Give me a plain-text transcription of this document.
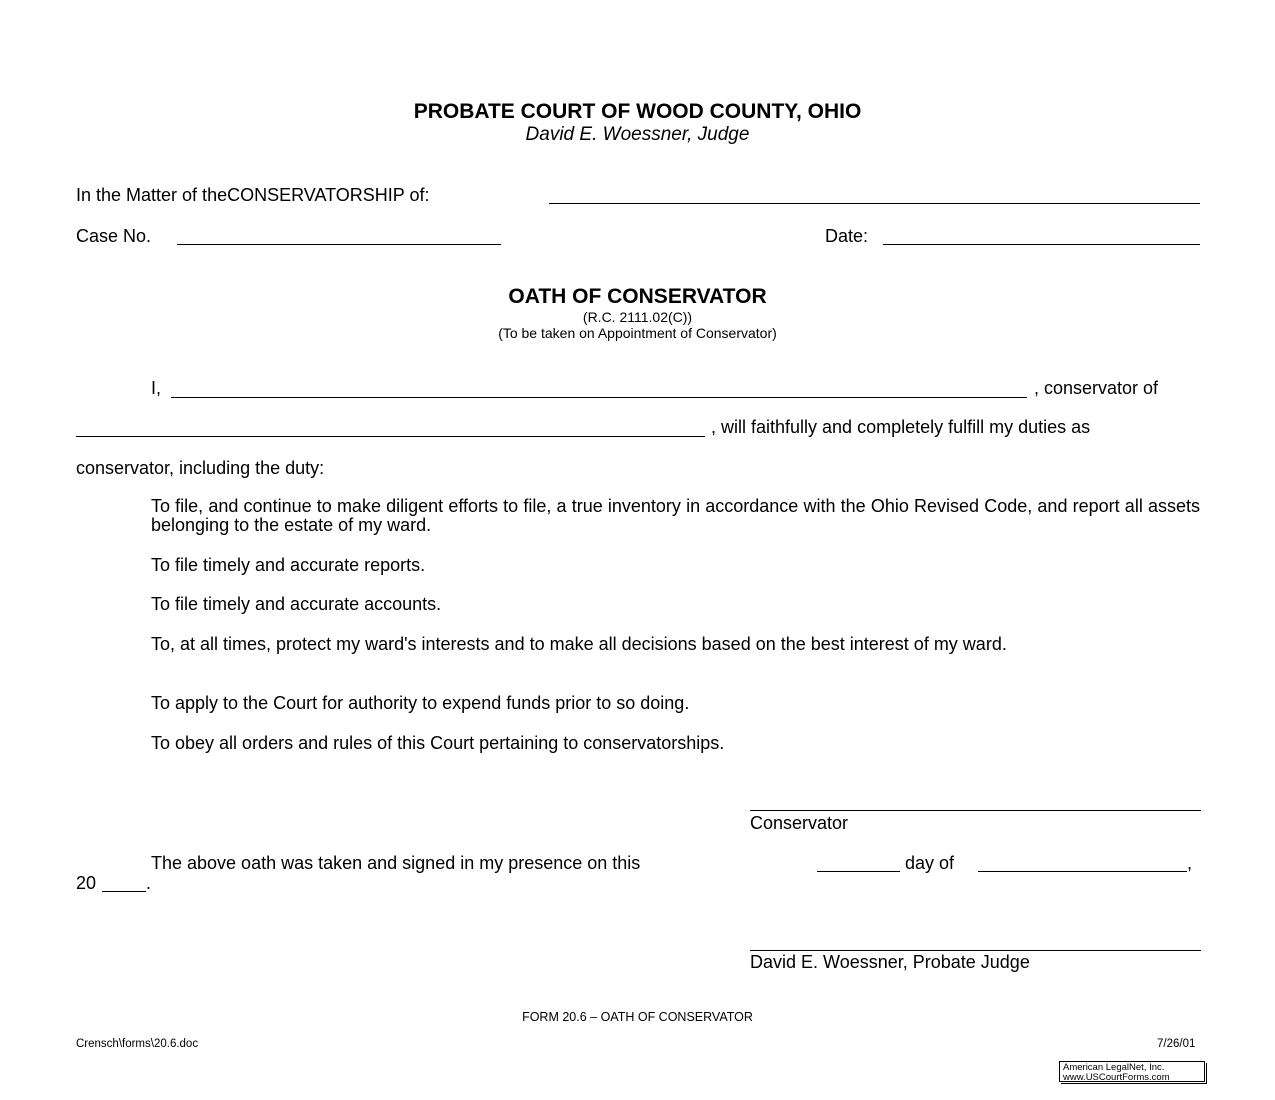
PROBATE COURT OF WOOD COUNTY, OHIO
David E. Woessner, Judge
In the Matter of theCONSERVATORSHIP of:
Case No.	Date:
OATH OF CONSERVATOR
(R.C. 2111.02(C))
(To be taken on Appointment of Conservator)
I,	, conservator of
, will faithfully and completely fulfill my duties as
conservator, including the duty:
To file, and continue to make diligent efforts to file, a true inventory in accordance with the Ohio Revised Code, and report all assets belonging to the estate of my ward.
To file timely and accurate reports.
To file timely and accurate accounts.
To, at all times, protect my ward's interests and to make all decisions based on the best interest of my ward.
To apply to the Court for authority to expend funds prior to so doing.
To obey all orders and rules of this Court pertaining to conservatorships.
Conservator
The above oath was taken and signed in my presence on this	day of	,
20	.
David E. Woessner, Probate Judge
FORM 20.6 – OATH OF CONSERVATOR
Crensch\forms\20.6.doc	7/26/01
American LegalNet, Inc.
www.USCourtForms.com
